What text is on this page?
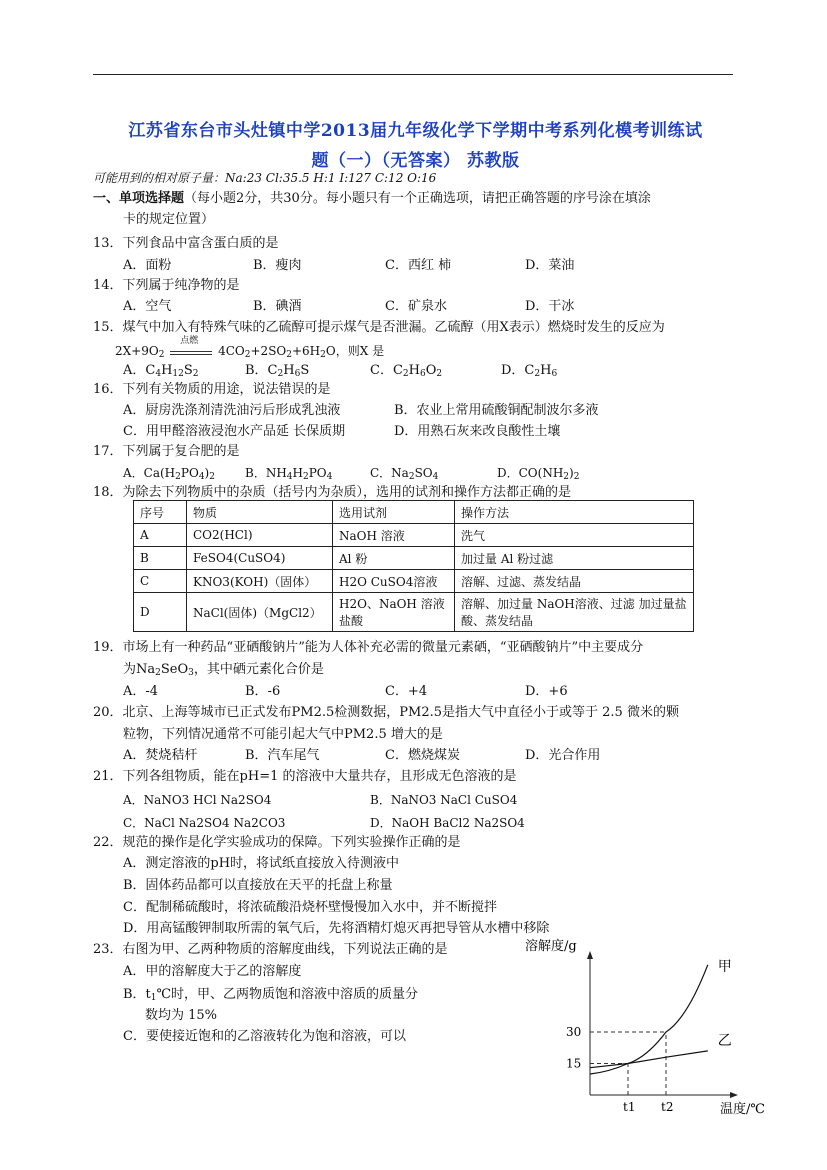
江苏省东台市头灶镇中学2013届九年级化学下学期中考系列化模考训练试
题（一）（无答案） 苏教版
可能用到的相对原子量：Na:23 Cl:35.5 H:1 I:127 C:12 O:16
一、单项选择题（每小题2分，共30分。每小题只有一个正确选项，请把正确答题的序号涂在填涂
卡的规定位置）
13．下列食品中富含蛋白质的是
A．面粉	B．瘦肉	C．西红 柿	D．菜油
14．下列属于纯净物的是
A．空气	B．碘酒	C．矿泉水	D．干冰
15．煤气中加入有特殊气味的乙硫醇可提示煤气是否泄漏。乙硫醇（用X表示）燃烧时发生的反应为
$2X+9O_2$
点燃
$4CO_2+2SO_2+6H_2O$，则X 是
A．$C_4H_{12}S_2$	B．$C_2H_6S$	C．$C_2H_6O_2$	D．$C_2H_6$
16．下列有关物质的用途，说法错误的是
A．厨房洗涤剂清洗油污后形成乳浊液	B．农业上常用硫酸铜配制波尔多液
C．用甲醛溶液浸泡水产品延 长保质期	D．用熟石灰来改良酸性土壤
17．下列属于复合肥的是
A．$Ca(H_2PO_4)_2$	B．$NH_4H_2PO_4$	C．$Na_2SO_4$	D．$CO(NH_2)_2$
18．为除去下列物质中的杂质（括号内为杂质），选用的试剂和操作方法都正确的是
序号	物质	选用试剂	操作方法
A	CO2(HCl)	NaOH 溶液	洗气
B	FeSO4(CuSO4)	Al 粉	加过量 Al 粉过滤
C	KNO3(KOH)（固体）	H2O CuSO4溶液	溶解、过滤、蒸发结晶
D	NaCl(固体)（MgCl2）	H2O、NaOH 溶液 盐酸	溶解、加过量 NaOH溶液、过滤 加过量盐酸、蒸发结晶
19．市场上有一种药品“亚硒酸钠片”能为人体补充必需的微量元素硒，“亚硒酸钠片”中主要成分
为$Na_2SeO_3$，其中硒元素化合价是
A．-4	B．-6	C．+4	D．+6
20．北京、上海等城市已正式发布PM2.5检测数据，PM2.5是指大气中直径小于或等于 2.5 微米的颗
粒物，下列情况通常不可能引起大气中PM2.5 增大的是
A．焚烧秸杆	B．汽车尾气	C．燃烧煤炭	D．光合作用
21．下列各组物质，能在pH=1 的溶液中大量共存，且形成无色溶液的是
A．NaNO3 HCl Na2SO4	B．NaNO3 NaCl CuSO4
C．NaCl Na2SO4 Na2CO3	D．NaOH BaCl2 Na2SO4
22．规范的操作是化学实验成功的保障。下列实验操作正确的是
A．测定溶液的pH时，将试纸直接放入待测液中
B．固体药品都可以直接放在天平的托盘上称量
C．配制稀硫酸时，将浓硫酸沿烧杯壁慢慢加入水中，并不断搅拌
D．用高锰酸钾制取所需的氧气后，先将酒精灯熄灭再把导管从水槽中移除
23．右图为甲、乙两种物质的溶解度曲线，下列说法正确的是
A．甲的溶解度大于乙的溶解度
B．$t_1℃$时，甲、乙两物质饱和溶液中溶质的质量分
数均为 15%
C．要使接近饱和的乙溶液转化为饱和溶液，可以
溶解度/g
温度/℃
15
30
t1 t2
甲
乙
